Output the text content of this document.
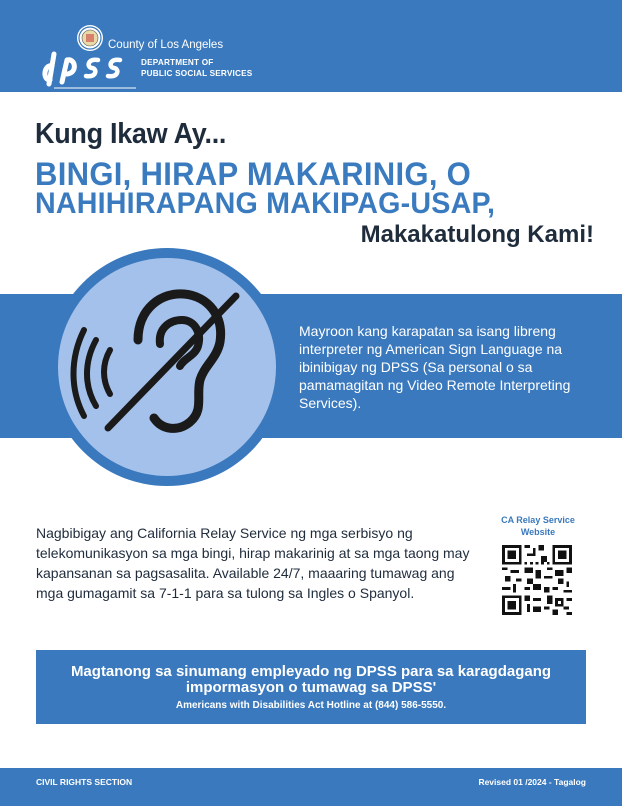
County of Los Angeles
DEPARTMENT OF
PUBLIC SOCIAL SERVICES
Kung Ikaw Ay...
BINGI, HIRAP MAKARINIG, O
NAHIHIRAPANG MAKIPAG-USAP,
Makakatulong Kami!
Mayroon kang karapatan sa isang libreng interpreter ng American Sign Language na ibinibigay ng DPSS (Sa personal o sa pamamagitan ng Video Remote Interpreting Services).
Nagbibigay ang California Relay Service ng mga serbisyo ng telekomunikasyon sa mga bingi, hirap makarinig at sa mga taong may kapansanan sa pagsasalita. Available 24/7, maaaring tumawag ang mga gumagamit sa 7-1-1 para sa tulong sa Ingles o Spanyol.
CA Relay Service Website
Magtanong sa sinumang empleyado ng DPSS para sa karagdagang impormasyon o tumawag sa DPSS'
Americans with Disabilities Act Hotline at (844) 586-5550.
CIVIL RIGHTS SECTION	Revised 01 /2024 - Tagalog
